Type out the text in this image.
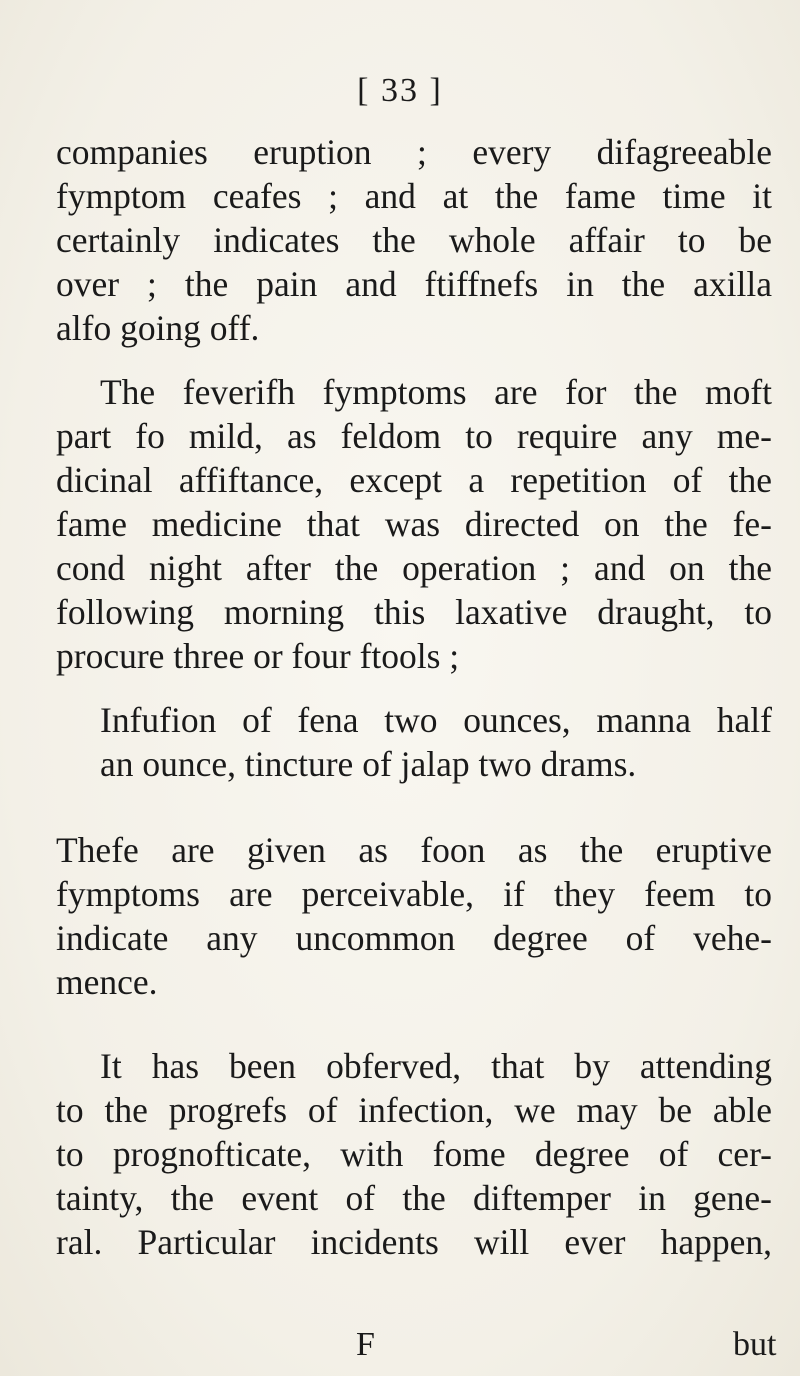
[ 33 ]
companies eruption ; every difagreeable
fymptom ceafes ; and at the fame time it
certainly indicates the whole affair to be
over ; the pain and ftiffnefs in the axilla
alfo going off.
The feverifh fymptoms are for the moft
part fo mild, as feldom to require any me-
dicinal affiftance, except a repetition of the
fame medicine that was directed on the fe-
cond night after the operation ; and on the
following morning this laxative draught, to
procure three or four ftools ;
Infufion of fena two ounces, manna half
an ounce, tincture of jalap two drams.
Thefe are given as foon as the eruptive
fymptoms are perceivable, if they feem to
indicate any uncommon degree of vehe-
mence.
It has been obferved, that by attending
to the progrefs of infection, we may be able
to prognofticate, with fome degree of cer-
tainty, the event of the diftemper in gene-
ral. Particular incidents will ever happen,
F	but
